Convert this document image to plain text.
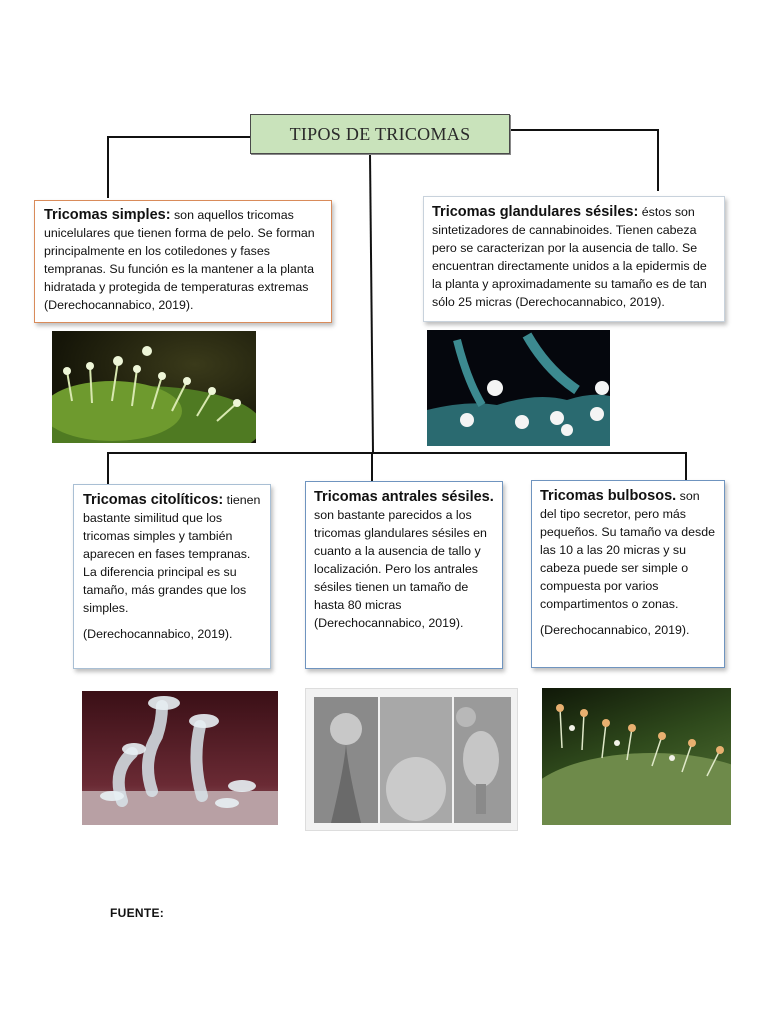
TIPOS DE TRICOMAS

Tricomas simples: son aquellos tricomas unicelulares que tienen forma de pelo. Se forman principalmente en los cotiledones y fases tempranas. Su función es la mantener a la planta hidratada y protegida de temperaturas extremas (Derechocannabico, 2019).

Tricomas glandulares sésiles: éstos son sintetizadores de cannabinoides. Tienen cabeza pero se caracterizan por la ausencia de tallo. Se encuentran directamente unidos a la epidermis de la planta y aproximadamente su tamaño es de tan sólo 25 micras (Derechocannabico, 2019).

Tricomas citolíticos: tienen bastante similitud que los tricomas simples y también aparecen en fases tempranas. La diferencia principal es su tamaño, más grandes que los simples.

(Derechocannabico, 2019).

Tricomas antrales sésiles. son bastante parecidos a los tricomas glandulares sésiles en cuanto a la ausencia de tallo y localización. Pero los antrales sésiles tienen un tamaño de hasta 80 micras (Derechocannabico, 2019).

Tricomas bulbosos. son del tipo secretor, pero más pequeños. Su tamaño va desde las 10 a las 20 micras y su cabeza puede ser simple o compuesta por varios compartimentos o zonas.

(Derechocannabico, 2019).

FUENTE:
